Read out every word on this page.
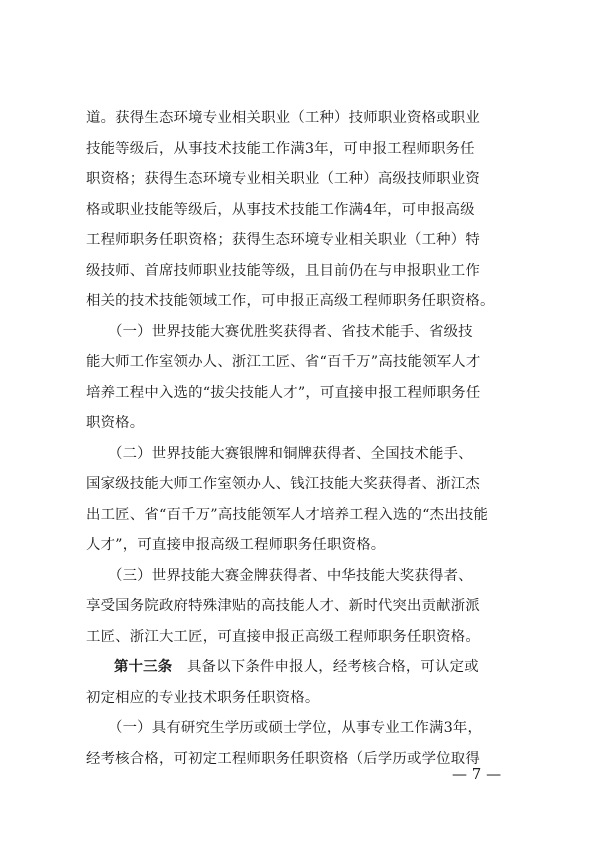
道。获得生态环境专业相关职业（工种）技师职业资格或职业
技能等级后，从事技术技能工作满3年，可申报工程师职务任
职资格；获得生态环境专业相关职业（工种）高级技师职业资
格或职业技能等级后，从事技术技能工作满4年，可申报高级
工程师职务任职资格；获得生态环境专业相关职业（工种）特
级技师、首席技师职业技能等级，且目前仍在与申报职业工作
相关的技术技能领域工作，可申报正高级工程师职务任职资格。
　　（一）世界技能大赛优胜奖获得者、省技术能手、省级技
能大师工作室领办人、浙江工匠、省“百千万”高技能领军人才
培养工程中入选的“拔尖技能人才”，可直接申报工程师职务任
职资格。
　　（二）世界技能大赛银牌和铜牌获得者、全国技术能手、
国家级技能大师工作室领办人、钱江技能大奖获得者、浙江杰
出工匠、省“百千万”高技能领军人才培养工程入选的“杰出技能
人才”，可直接申报高级工程师职务任职资格。
　　（三）世界技能大赛金牌获得者、中华技能大奖获得者、
享受国务院政府特殊津贴的高技能人才、新时代突出贡献浙派
工匠、浙江大工匠，可直接申报正高级工程师职务任职资格。
第十三条　具备以下条件申报人，经考核合格，可认定或
初定相应的专业技术职务任职资格。
　　（一）具有研究生学历或硕士学位，从事专业工作满3年，
经考核合格，可初定工程师职务任职资格（后学历或学位取得
— 7 —
